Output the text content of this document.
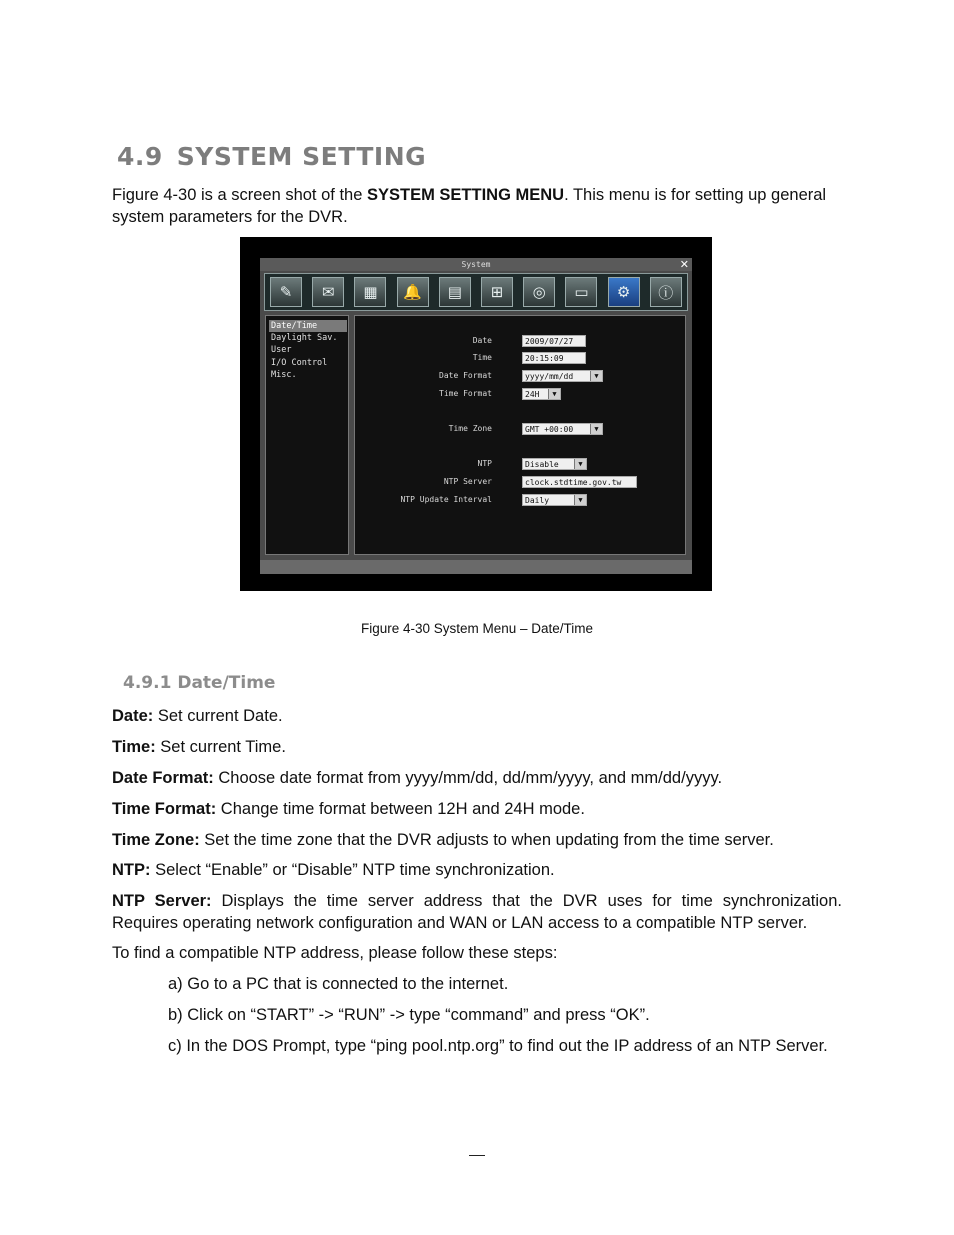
4.9 SYSTEM SETTING
Figure 4-30 is a screen shot of the SYSTEM SETTING MENU. This menu is for setting up general system parameters for the DVR.
System	✕
✎	✉	▦	🔔	▤	⊞	◎	▭	⚙	ⓘ
Date/Time
Daylight Sav.
User
I/O Control
Misc.
Date	2009/07/27
Time	20:15:09
Date Format	yyyy/mm/dd	▼
Time Format	24H	▼
Time Zone	GMT +00:00	▼
NTP	Disable	▼
NTP Server	clock.stdtime.gov.tw
NTP Update Interval	Daily	▼
Figure 4-30 System Menu – Date/Time
4.9.1 Date/Time
Date: Set current Date.
Time: Set current Time.
Date Format: Choose date format from yyyy/mm/dd, dd/mm/yyyy, and mm/dd/yyyy.
Time Format: Change time format between 12H and 24H mode.
Time Zone: Set the time zone that the DVR adjusts to when updating from the time server.
NTP: Select “Enable” or “Disable” NTP time synchronization.
NTP Server: Displays the time server address that the DVR uses for time synchronization. Requires operating network configuration and WAN or LAN access to a compatible NTP server.
To find a compatible NTP address, please follow these steps:
a) Go to a PC that is connected to the internet.
b) Click on “START” -> “RUN” -> type “command” and press “OK”.
c) In the DOS Prompt, type “ping pool.ntp.org” to find out the IP address of an NTP Server.
